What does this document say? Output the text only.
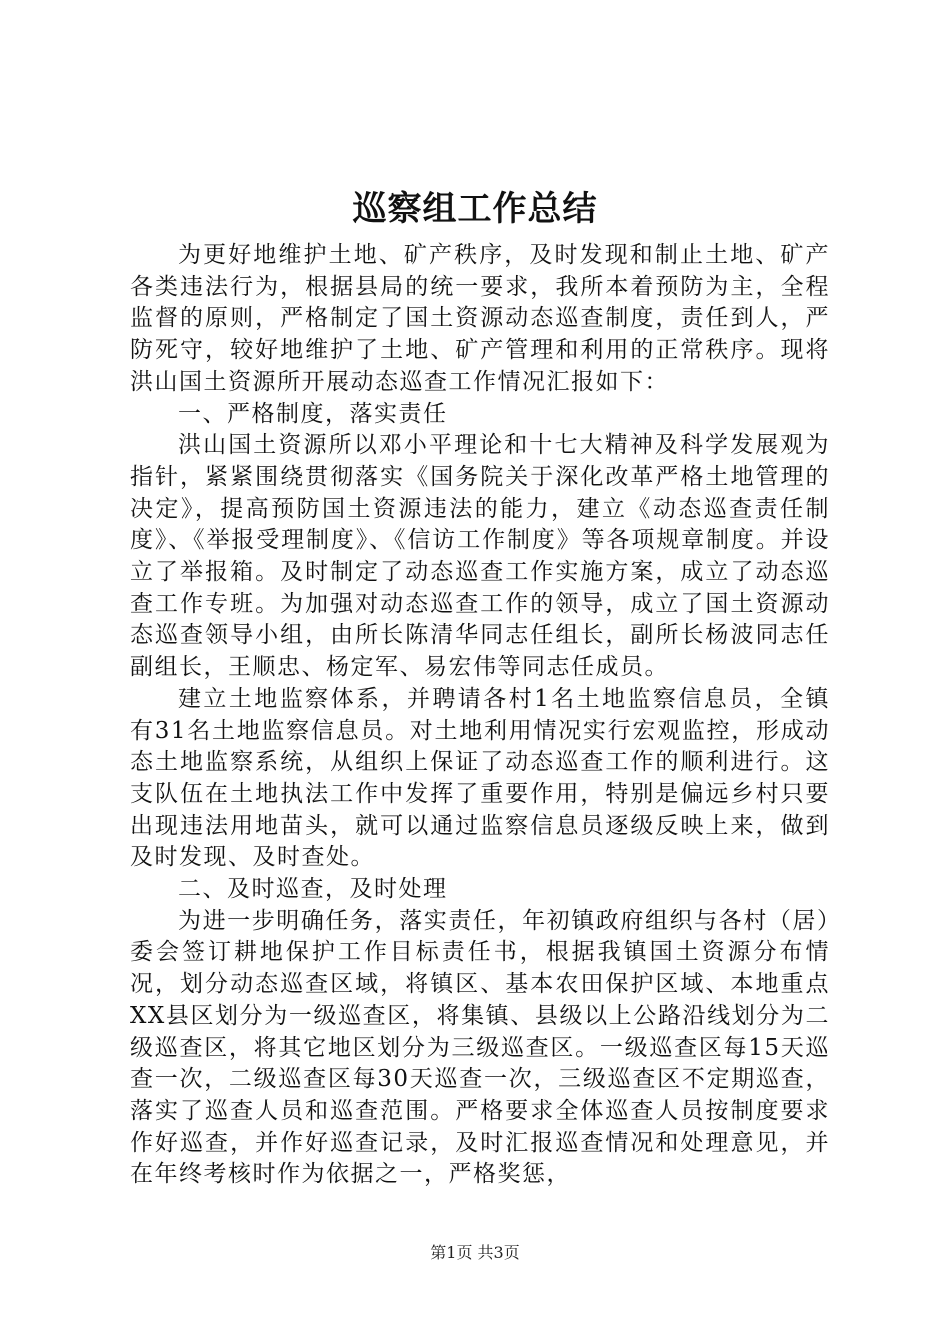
巡察组工作总结

为更好地维护土地、矿产秩序，及时发现和制止土地、矿产各类违法行为，根据县局的统一要求，我所本着预防为主，全程监督的原则，严格制定了国土资源动态巡查制度，责任到人，严防死守，较好地维护了土地、矿产管理和利用的正常秩序。现将洪山国土资源所开展动态巡查工作情况汇报如下：

一、严格制度，落实责任

洪山国土资源所以邓小平理论和十七大精神及科学发展观为指针，紧紧围绕贯彻落实《国务院关于深化改革严格土地管理的决定》，提高预防国土资源违法的能力，建立《动态巡查责任制度》、《举报受理制度》、《信访工作制度》等各项规章制度。并设立了举报箱。及时制定了动态巡查工作实施方案，成立了动态巡查工作专班。为加强对动态巡查工作的领导，成立了国土资源动态巡查领导小组，由所长陈清华同志任组长，副所长杨波同志任副组长，王顺忠、杨定军、易宏伟等同志任成员。

建立土地监察体系，并聘请各村1名土地监察信息员，全镇有31名土地监察信息员。对土地利用情况实行宏观监控，形成动态土地监察系统，从组织上保证了动态巡查工作的顺利进行。这支队伍在土地执法工作中发挥了重要作用，特别是偏远乡村只要出现违法用地苗头，就可以通过监察信息员逐级反映上来，做到及时发现、及时查处。

二、及时巡查，及时处理

为进一步明确任务，落实责任，年初镇政府组织与各村（居）委会签订耕地保护工作目标责任书，根据我镇国土资源分布情况，划分动态巡查区域，将镇区、基本农田保护区域、本地重点XX县区划分为一级巡查区，将集镇、县级以上公路沿线划分为二级巡查区，将其它地区划分为三级巡查区。一级巡查区每15天巡查一次，二级巡查区每30天巡查一次，三级巡查区不定期巡查，落实了巡查人员和巡查范围。严格要求全体巡查人员按制度要求作好巡查，并作好巡查记录，及时汇报巡查情况和处理意见，并在年终考核时作为依据之一，严格奖惩，

第1页 共3页
